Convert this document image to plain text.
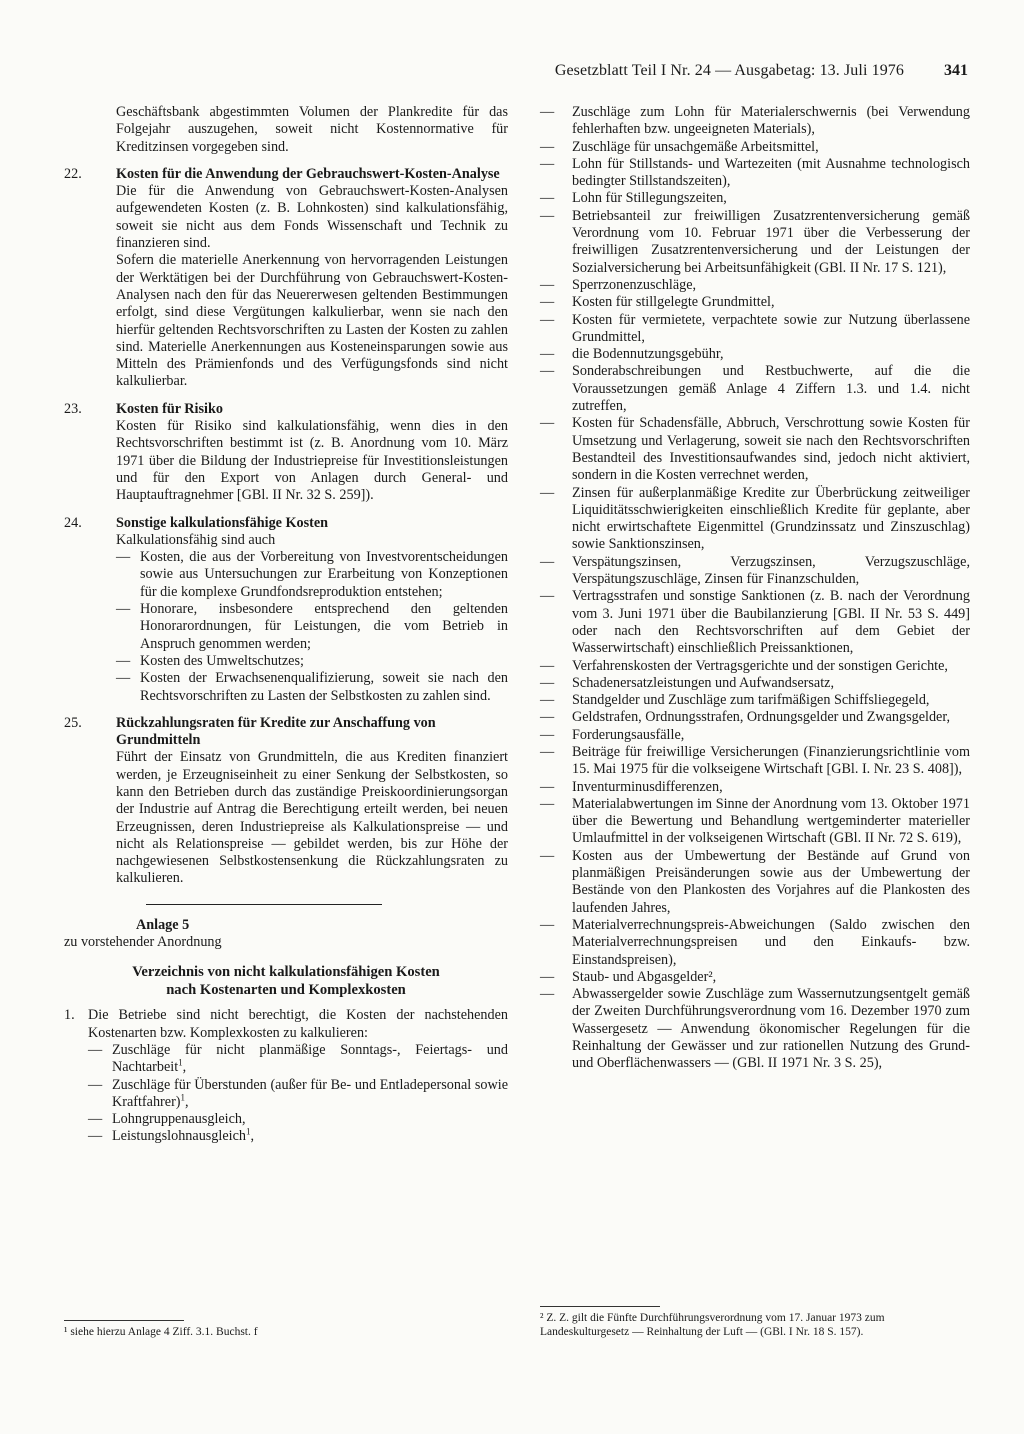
Gesetzblatt Teil I Nr. 24 — Ausgabetag: 13. Juli 1976	341

Geschäftsbank abgestimmten Volumen der Plankredite für das Folgejahr auszugehen, soweit nicht Kostennormative für Kreditzinsen vorgegeben sind.

22.	Kosten für die Anwendung der Gebrauchswert-Kosten-Analyse

Die für die Anwendung von Gebrauchswert-Kosten-Analysen aufgewendeten Kosten (z. B. Lohnkosten) sind kalkulationsfähig, soweit sie nicht aus dem Fonds Wissenschaft und Technik zu finanzieren sind.

Sofern die materielle Anerkennung von hervorragenden Leistungen der Werktätigen bei der Durchführung von Gebrauchswert-Kosten-Analysen nach den für das Neuererwesen geltenden Bestimmungen erfolgt, sind diese Vergütungen kalkulierbar, wenn sie nach den hierfür geltenden Rechtsvorschriften zu Lasten der Kosten zu zahlen sind. Materielle Anerkennungen aus Kosteneinsparungen sowie aus Mitteln des Prämienfonds und des Verfügungsfonds sind nicht kalkulierbar.

23.	Kosten für Risiko

Kosten für Risiko sind kalkulationsfähig, wenn dies in den Rechtsvorschriften bestimmt ist (z. B. Anordnung vom 10. März 1971 über die Bildung der Industriepreise für Investitionsleistungen und für den Export von Anlagen durch General- und Hauptauftragnehmer [GBl. II Nr. 32 S. 259]).

24.	Sonstige kalkulationsfähige Kosten

Kalkulationsfähig sind auch

— Kosten, die aus der Vorbereitung von Investvorentscheidungen sowie aus Untersuchungen zur Erarbeitung von Konzeptionen für die komplexe Grundfondsreproduktion entstehen;

— Honorare, insbesondere entsprechend den geltenden Honorarordnungen, für Leistungen, die vom Betrieb in Anspruch genommen werden;

— Kosten des Umweltschutzes;

— Kosten der Erwachsenenqualifizierung, soweit sie nach den Rechtsvorschriften zu Lasten der Selbstkosten zu zahlen sind.

25.	Rückzahlungsraten für Kredite zur Anschaffung von Grundmitteln

Führt der Einsatz von Grundmitteln, die aus Krediten finanziert werden, je Erzeugniseinheit zu einer Senkung der Selbstkosten, so kann den Betrieben durch das zuständige Preiskoordinierungsorgan der Industrie auf Antrag die Berechtigung erteilt werden, bei neuen Erzeugnissen, deren Industriepreise als Kalkulationspreise — und nicht als Relationspreise — gebildet werden, bis zur Höhe der nachgewiesenen Selbstkostensenkung die Rückzahlungsraten zu kalkulieren.

Anlage 5

zu vorstehender Anordnung

Verzeichnis von nicht kalkulationsfähigen Kosten
nach Kostenarten und Komplexkosten

1. Die Betriebe sind nicht berechtigt, die Kosten der nachstehenden Kostenarten bzw. Komplexkosten zu kalkulieren:

— Zuschläge für nicht planmäßige Sonntags-, Feiertags- und Nachtarbeit$^1$,

— Zuschläge für Überstunden (außer für Be- und Entladepersonal sowie Kraftfahrer)$^1$,

— Lohngruppenausgleich,

— Leistungslohnausgleich$^1$,

¹ siehe hierzu Anlage 4 Ziff. 3.1. Buchst. f

— Zuschläge zum Lohn für Materialerschwernis (bei Verwendung fehlerhaften bzw. ungeeigneten Materials),

— Zuschläge für unsachgemäße Arbeitsmittel,

— Lohn für Stillstands- und Wartezeiten (mit Ausnahme technologisch bedingter Stillstandszeiten),

— Lohn für Stillegungszeiten,

— Betriebsanteil zur freiwilligen Zusatzrentenversicherung gemäß Verordnung vom 10. Februar 1971 über die Verbesserung der freiwilligen Zusatzrentenversicherung und der Leistungen der Sozialversicherung bei Arbeitsunfähigkeit (GBl. II Nr. 17 S. 121),

— Sperrzonenzuschläge,

— Kosten für stillgelegte Grundmittel,

— Kosten für vermietete, verpachtete sowie zur Nutzung überlassene Grundmittel,

— die Bodennutzungsgebühr,

— Sonderabschreibungen und Restbuchwerte, auf die die Voraussetzungen gemäß Anlage 4 Ziffern 1.3. und 1.4. nicht zutreffen,

— Kosten für Schadensfälle, Abbruch, Verschrottung sowie Kosten für Umsetzung und Verlagerung, soweit sie nach den Rechtsvorschriften Bestandteil des Investitionsaufwandes sind, jedoch nicht aktiviert, sondern in die Kosten verrechnet werden,

— Zinsen für außerplanmäßige Kredite zur Überbrückung zeitweiliger Liquiditätsschwierigkeiten einschließlich Kredite für geplante, aber nicht erwirtschaftete Eigenmittel (Grundzinssatz und Zinszuschlag) sowie Sanktionszinsen,

— Verspätungszinsen, Verzugszinsen, Verzugszuschläge, Verspätungszuschläge, Zinsen für Finanzschulden,

— Vertragsstrafen und sonstige Sanktionen (z. B. nach der Verordnung vom 3. Juni 1971 über die Baubilanzierung [GBl. II Nr. 53 S. 449] oder nach den Rechtsvorschriften auf dem Gebiet der Wasserwirtschaft) einschließlich Preissanktionen,

— Verfahrenskosten der Vertragsgerichte und der sonstigen Gerichte,

— Schadenersatzleistungen und Aufwandsersatz,

— Standgelder und Zuschläge zum tarifmäßigen Schiffsliegegeld,

— Geldstrafen, Ordnungsstrafen, Ordnungsgelder und Zwangsgelder,

— Forderungsausfälle,

— Beiträge für freiwillige Versicherungen (Finanzierungsrichtlinie vom 15. Mai 1975 für die volkseigene Wirtschaft [GBl. I. Nr. 23 S. 408]),

— Inventurminusdifferenzen,

— Materialabwertungen im Sinne der Anordnung vom 13. Oktober 1971 über die Bewertung und Behandlung wertgeminderter materieller Umlaufmittel in der volkseigenen Wirtschaft (GBl. II Nr. 72 S. 619),

— Kosten aus der Umbewertung der Bestände auf Grund von planmäßigen Preisänderungen sowie aus der Umbewertung der Bestände von den Plankosten des Vorjahres auf die Plankosten des laufenden Jahres,

— Materialverrechnungspreis-Abweichungen (Saldo zwischen den Materialverrechnungspreisen und den Einkaufs- bzw. Einstandspreisen),

— Staub- und Abgasgelder²,

— Abwassergelder sowie Zuschläge zum Wassernutzungsentgelt gemäß der Zweiten Durchführungsverordnung vom 16. Dezember 1970 zum Wassergesetz — Anwendung ökonomischer Regelungen für die Reinhaltung der Gewässer und zur rationellen Nutzung des Grund- und Oberflächenwassers — (GBl. II 1971 Nr. 3 S. 25),

² Z. Z. gilt die Fünfte Durchführungsverordnung vom 17. Januar 1973 zum Landeskulturgesetz — Reinhaltung der Luft — (GBl. I Nr. 18 S. 157).
